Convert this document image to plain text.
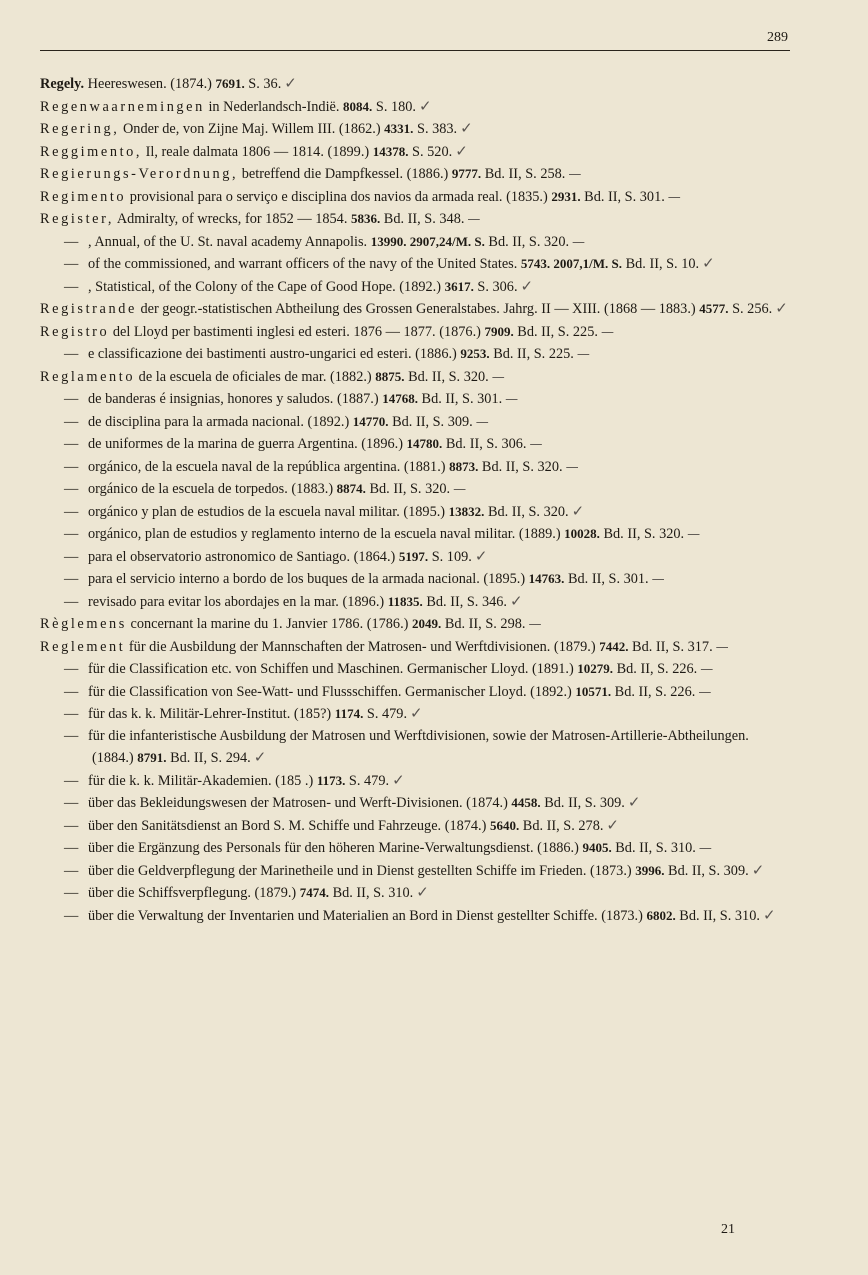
289
Regely. Heereswesen. (1874.) 7691. S. 36. ✓
Regenwaarnemingen in Nederlandsch-Indië. 8084. S. 180. ✓
Regering, Onder de, von Zijne Maj. Willem III. (1862.) 4331. S. 383. ✓
Reggimento, Il, reale dalmata 1806 — 1814. (1899.) 14378. S. 520. ✓
Regierungs-Verordnung, betreffend die Dampfkessel. (1886.) 9777. Bd. II, S. 258. —
Regimento provisional para o serviço e disciplina dos navios da armada real. (1835.) 2931. Bd. II, S. 301. —
Register, Admiralty, of wrecks, for 1852 — 1854. 5836. Bd. II, S. 348. —
— , Annual, of the U. St. naval academy Annapolis. 13990. 2907,24/M. S. Bd. II, S. 320. —
— of the commissioned, and warrant officers of the navy of the United States. 5743. 2007,1/M. S. Bd. II, S. 10. ✓
— , Statistical, of the Colony of the Cape of Good Hope. (1892.) 3617. S. 306. ✓
Registrande der geogr.-statistischen Abtheilung des Grossen Generalstabes. Jahrg. II — XIII. (1868 — 1883.) 4577. S. 256. ✓
Registro del Lloyd per bastimenti inglesi ed esteri. 1876 — 1877. (1876.) 7909. Bd. II, S. 225. —
— e classificazione dei bastimenti austro-ungarici ed esteri. (1886.) 9253. Bd. II, S. 225. —
Reglamento de la escuela de oficiales de mar. (1882.) 8875. Bd. II, S. 320. —
— de banderas é insignias, honores y saludos. (1887.) 14768. Bd. II, S. 301. —
— de disciplina para la armada nacional. (1892.) 14770. Bd. II, S. 309. —
— de uniformes de la marina de guerra Argentina. (1896.) 14780. Bd. II, S. 306. —
— orgánico, de la escuela naval de la república argentina. (1881.) 8873. Bd. II, S. 320. —
— orgánico de la escuela de torpedos. (1883.) 8874. Bd. II, S. 320. —
— orgánico y plan de estudios de la escuela naval militar. (1895.) 13832. Bd. II, S. 320. ✓
— orgánico, plan de estudios y reglamento interno de la escuela naval militar. (1889.) 10028. Bd. II, S. 320. —
— para el observatorio astronomico de Santiago. (1864.) 5197. S. 109. ✓
— para el servicio interno a bordo de los buques de la armada nacional. (1895.) 14763. Bd. II, S. 301. —
— revisado para evitar los abordajes en la mar. (1896.) 11835. Bd. II, S. 346. ✓
Règlemens concernant la marine du 1. Janvier 1786. (1786.) 2049. Bd. II, S. 298. —
Reglement für die Ausbildung der Mannschaften der Matrosen- und Werftdivisionen. (1879.) 7442. Bd. II, S. 317. —
— für die Classification etc. von Schiffen und Maschinen. Germanischer Lloyd. (1891.) 10279. Bd. II, S. 226. —
— für die Classification von See-Watt- und Flussschiffen. Germanischer Lloyd. (1892.) 10571. Bd. II, S. 226. —
— für das k. k. Militär-Lehrer-Institut. (185?) 1174. S. 479. ✓
— für die infanteristische Ausbildung der Matrosen und Werftdivisionen, sowie der Matrosen-Artillerie-Abtheilungen. (1884.) 8791. Bd. II, S. 294. ✓
— für die k. k. Militär-Akademien. (185 .) 1173. S. 479. ✓
— über das Bekleidungswesen der Matrosen- und Werft-Divisionen. (1874.) 4458. Bd. II, S. 309. ✓
— über den Sanitätsdienst an Bord S. M. Schiffe und Fahrzeuge. (1874.) 5640. Bd. II, S. 278. ✓
— über die Ergänzung des Personals für den höheren Marine-Verwaltungsdienst. (1886.) 9405. Bd. II, S. 310. —
— über die Geldverpflegung der Marinetheile und in Dienst gestellten Schiffe im Frieden. (1873.) 3996. Bd. II, S. 309. ✓
— über die Schiffsverpflegung. (1879.) 7474. Bd. II, S. 310. ✓
— über die Verwaltung der Inventarien und Materialien an Bord in Dienst gestellter Schiffe. (1873.) 6802. Bd. II, S. 310. ✓
21
